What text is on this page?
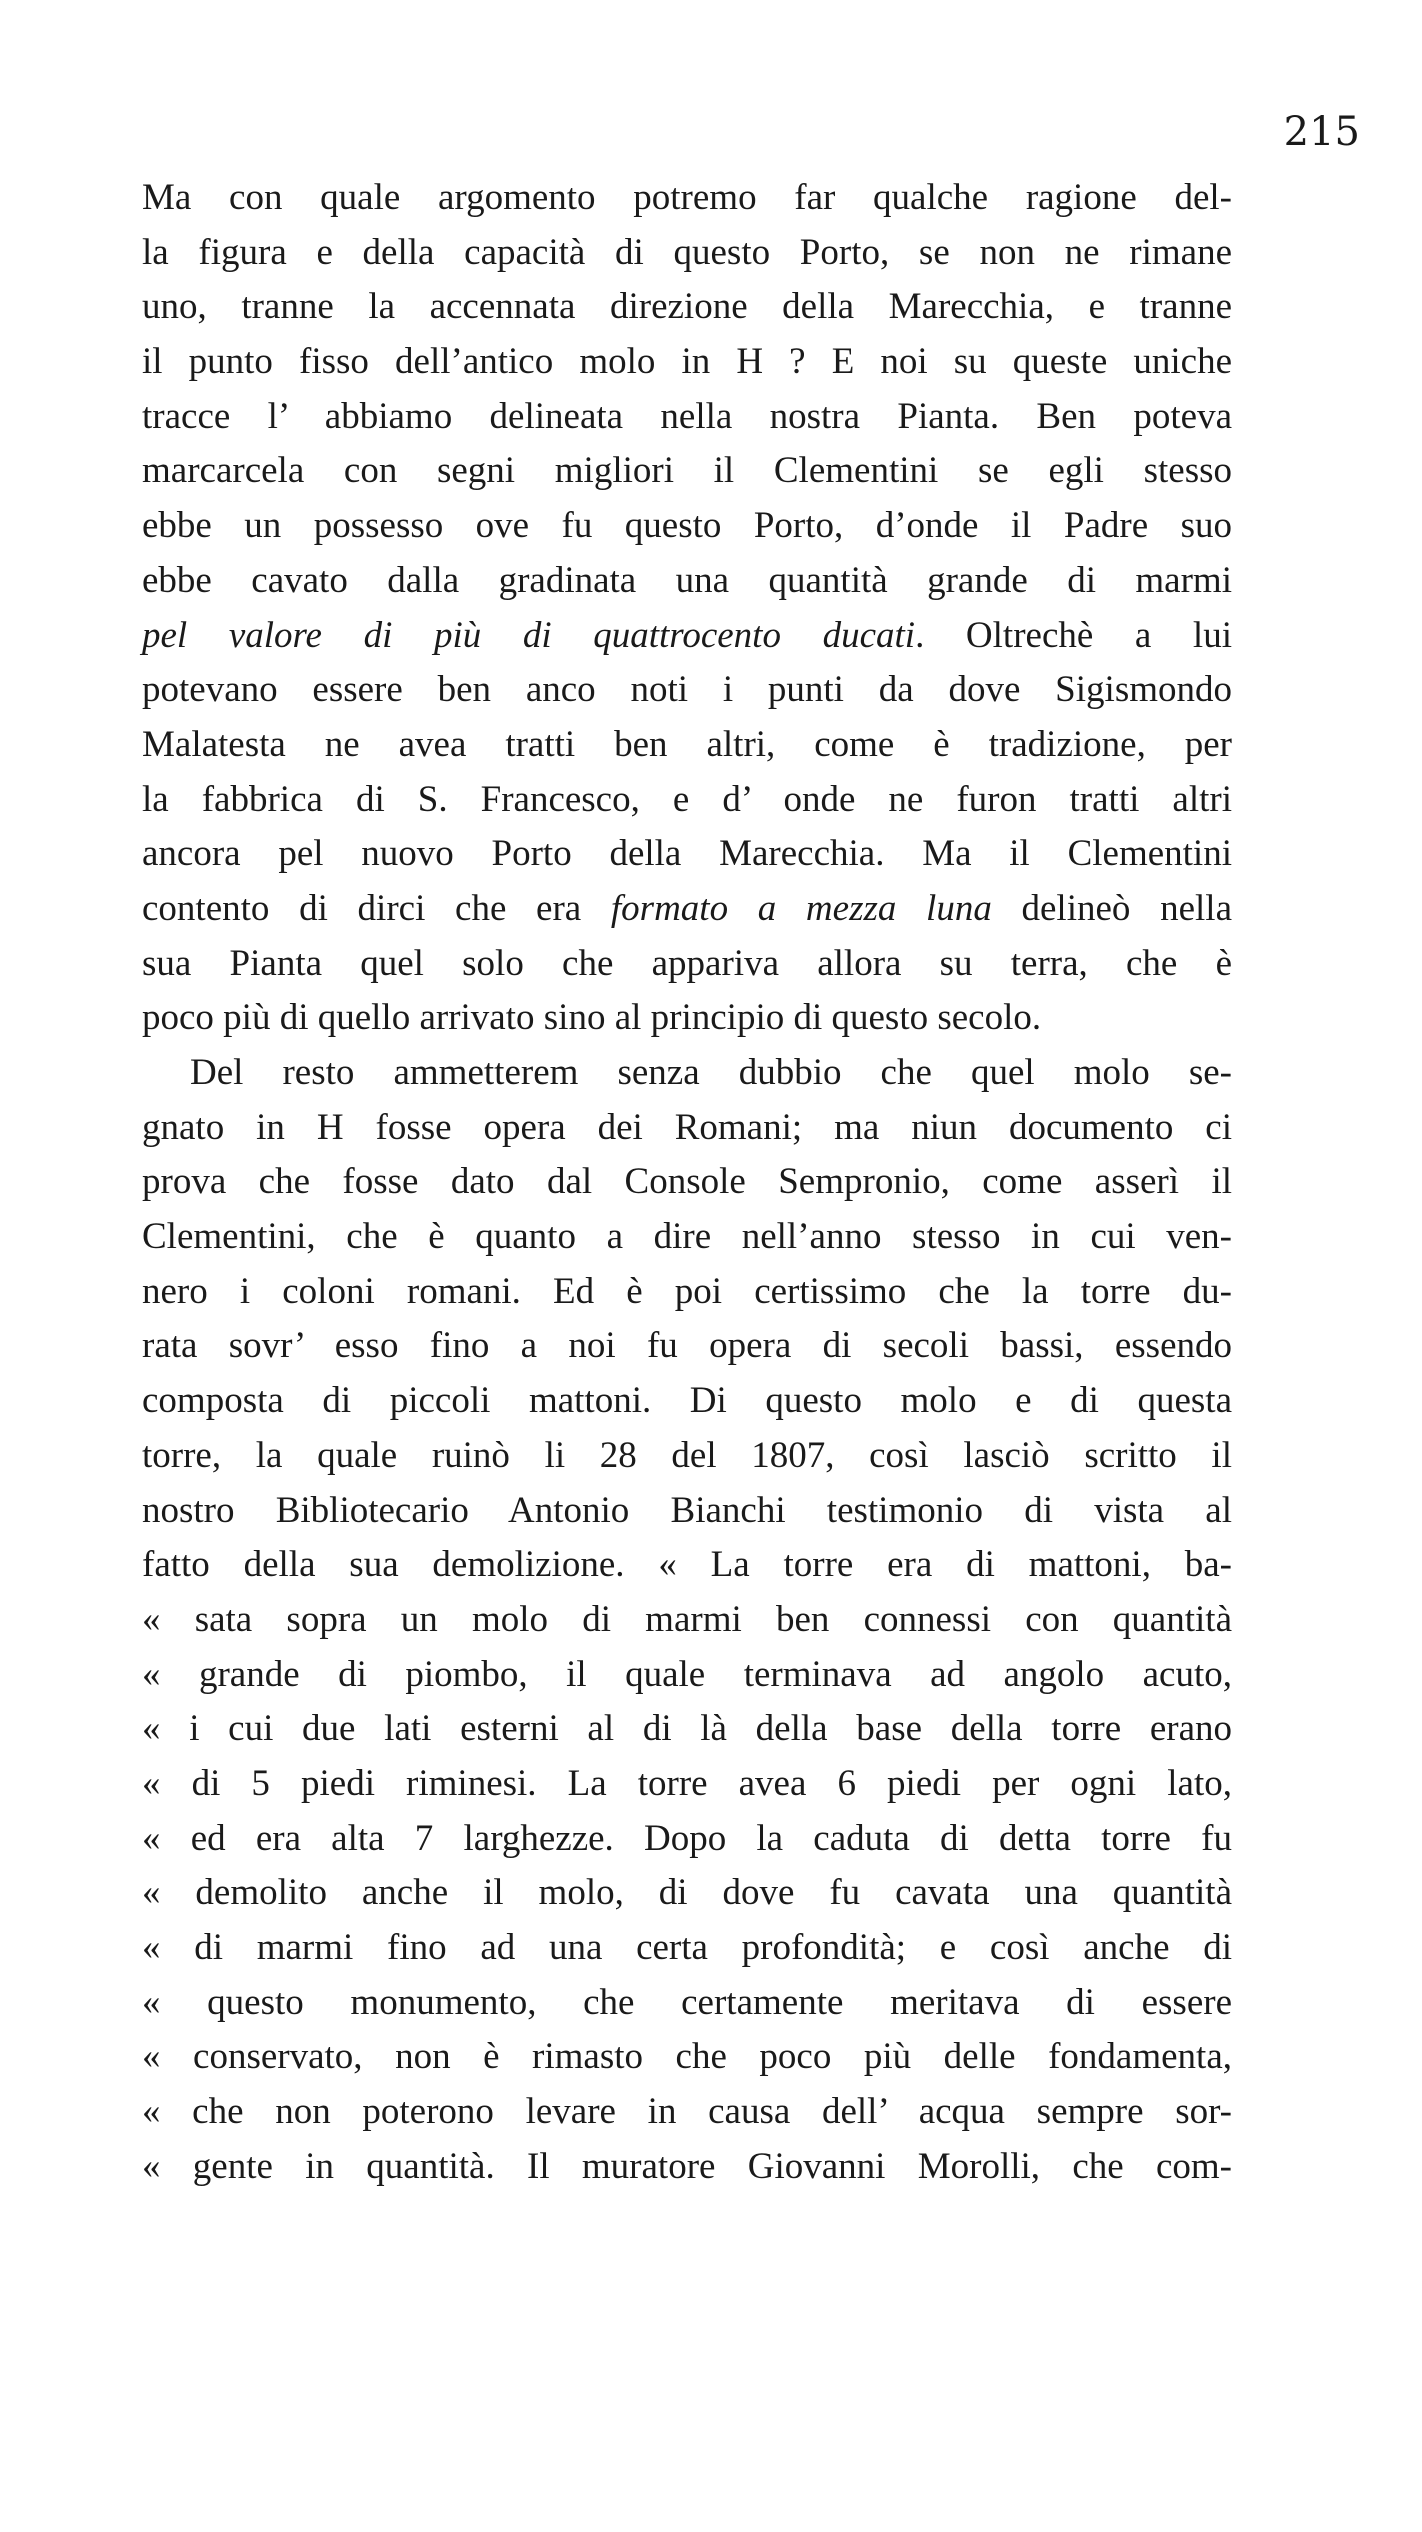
215
Ma con quale argomento potremo far qualche ragione del-
la figura e della capacità di questo Porto, se non ne rimane
uno, tranne la accennata direzione della Marecchia, e tranne
il punto fisso dell’antico molo in H ? E noi su queste uniche
tracce l’ abbiamo delineata nella nostra Pianta. Ben poteva
marcarcela con segni migliori il Clementini se egli stesso
ebbe un possesso ove fu questo Porto, d’onde il Padre suo
ebbe cavato dalla gradinata una quantità grande di marmi
pel valore di più di quattrocento ducati. Oltrechè a lui
potevano essere ben anco noti i punti da dove Sigismondo
Malatesta ne avea tratti ben altri, come è tradizione, per
la fabbrica di S. Francesco, e d’ onde ne furon tratti altri
ancora pel nuovo Porto della Marecchia. Ma il Clementini
contento di dirci che era formato a mezza luna delineò nella
sua Pianta quel solo che appariva allora su terra, che è
poco più di quello arrivato sino al principio di questo secolo.
Del resto ammetterem senza dubbio che quel molo se-
gnato in H fosse opera dei Romani; ma niun documento ci
prova che fosse dato dal Console Sempronio, come asserì il
Clementini, che è quanto a dire nell’anno stesso in cui ven-
nero i coloni romani. Ed è poi certissimo che la torre du-
rata sovr’ esso fino a noi fu opera di secoli bassi, essendo
composta di piccoli mattoni. Di questo molo e di questa
torre, la quale ruinò li 28 del 1807, così lasciò scritto il
nostro Bibliotecario Antonio Bianchi testimonio di vista al
fatto della sua demolizione. « La torre era di mattoni, ba-
« sata sopra un molo di marmi ben connessi con quantità
« grande di piombo, il quale terminava ad angolo acuto,
« i cui due lati esterni al di là della base della torre erano
« di 5 piedi riminesi. La torre avea 6 piedi per ogni lato,
« ed era alta 7 larghezze. Dopo la caduta di detta torre fu
« demolito anche il molo, di dove fu cavata una quantità
« di marmi fino ad una certa profondità; e così anche di
« questo monumento, che certamente meritava di essere
« conservato, non è rimasto che poco più delle fondamenta,
« che non poterono levare in causa dell’ acqua sempre sor-
« gente in quantità. Il muratore Giovanni Morolli, che com-
